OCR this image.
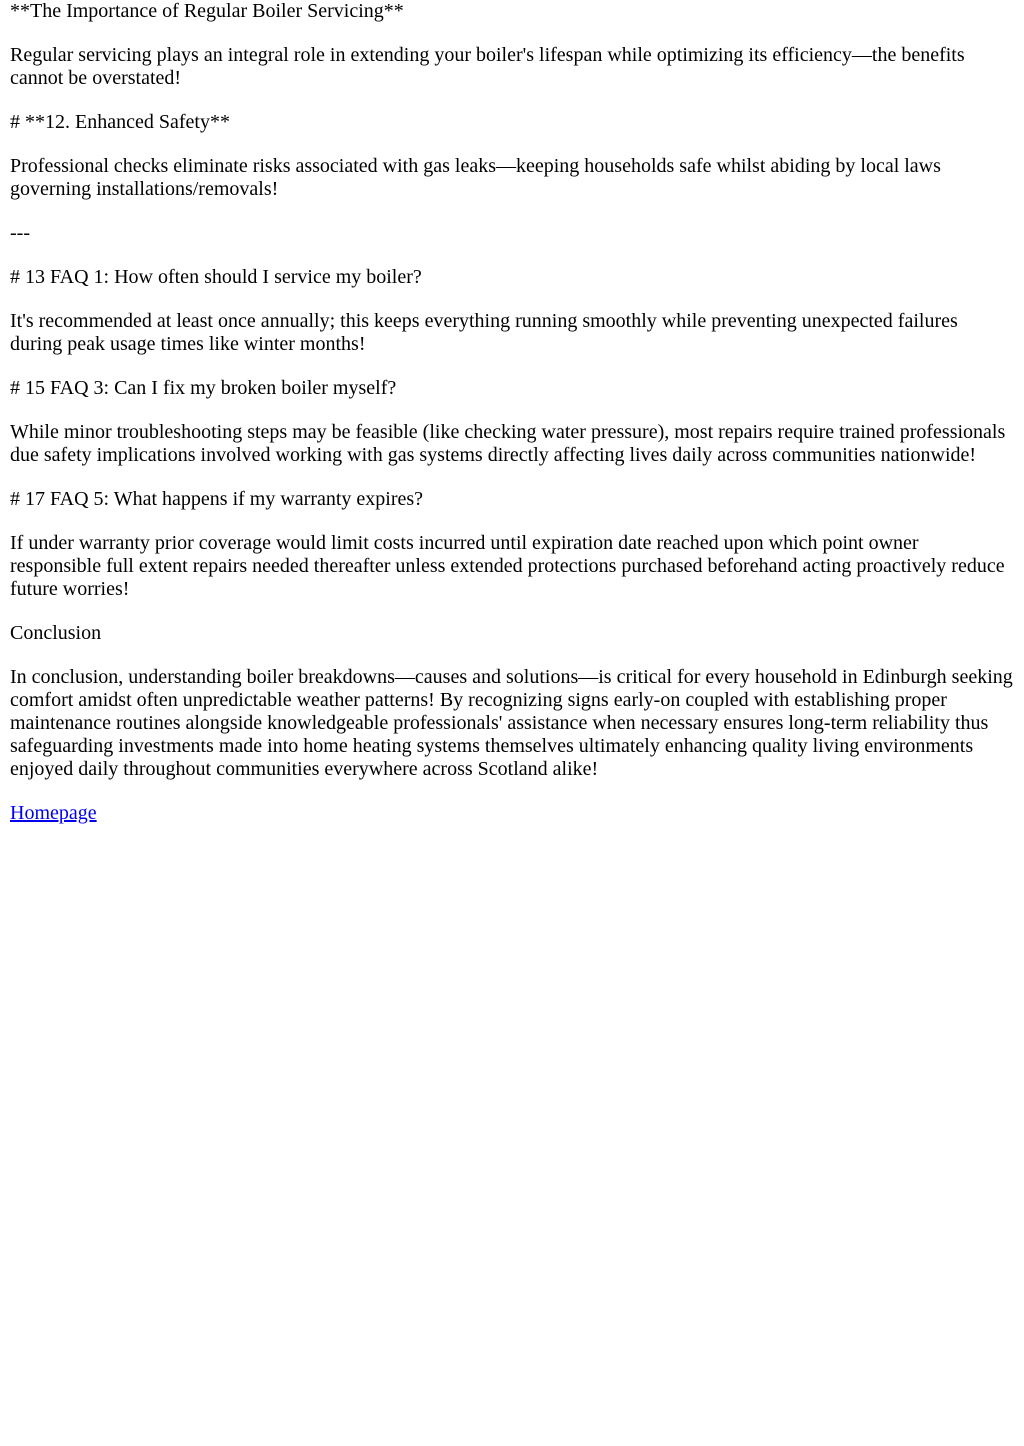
**The Importance of Regular Boiler Servicing**

Regular servicing plays an integral role in extending your boiler's lifespan while optimizing its efficiency—the benefits cannot be overstated!

# **12. Enhanced Safety**

Professional checks eliminate risks associated with gas leaks—keeping households safe whilst abiding by local laws governing installations/removals!

---

# 13 FAQ 1: How often should I service my boiler?

It's recommended at least once annually; this keeps everything running smoothly while preventing unexpected failures during peak usage times like winter months!

# 15 FAQ 3: Can I fix my broken boiler myself?

While minor troubleshooting steps may be feasible (like checking water pressure), most repairs require trained professionals due safety implications involved working with gas systems directly affecting lives daily across communities nationwide!

# 17 FAQ 5: What happens if my warranty expires?

If under warranty prior coverage would limit costs incurred until expiration date reached upon which point owner responsible full extent repairs needed thereafter unless extended protections purchased beforehand acting proactively reduce future worries!

Conclusion

In conclusion, understanding boiler breakdowns—causes and solutions—is critical for every household in Edinburgh seeking comfort amidst often unpredictable weather patterns! By recognizing signs early-on coupled with establishing proper maintenance routines alongside knowledgeable professionals' assistance when necessary ensures long-term reliability thus safeguarding investments made into home heating systems themselves ultimately enhancing quality living environments enjoyed daily throughout communities everywhere across Scotland alike!

Homepage
